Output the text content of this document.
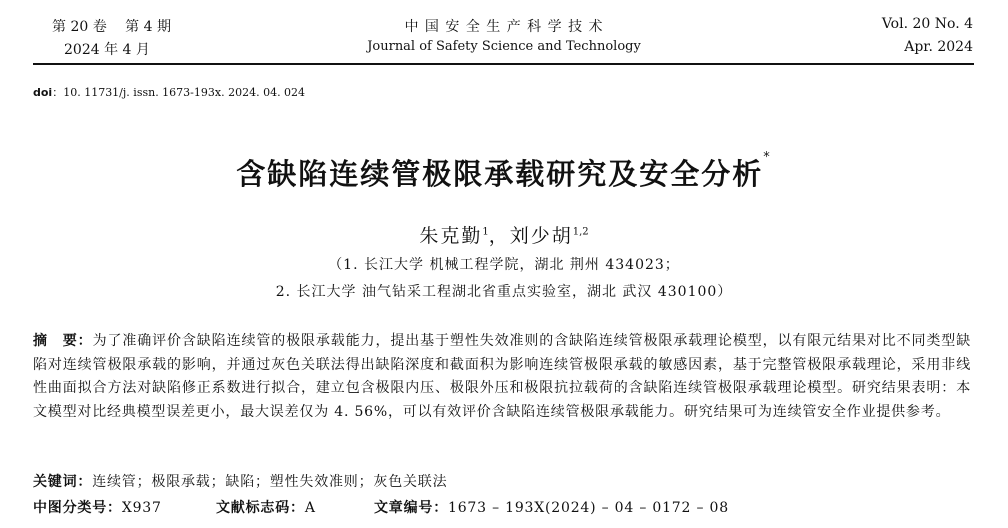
第 20 卷　 第 4 期
2024 年 4 月
中 国 安 全 生 产 科 学 技 术
Journal of Safety Science and Technology
Vol. 20 No. 4
Apr. 2024
doi：10. 11731/j. issn. 1673-193x. 2024. 04. 024
含缺陷连续管极限承载研究及安全分析*
朱克勤$^1$，刘少胡$^{1,2}$
（1. 长江大学 机械工程学院，湖北 荆州 434023；
2. 长江大学 油气钻采工程湖北省重点实验室，湖北 武汉 430100）
摘　要：为了准确评价含缺陷连续管的极限承载能力，提出基于塑性失效准则的含缺陷连续管极限承载理论模型，以有限元结果对比不同类型缺陷对连续管极限承载的影响，并通过灰色关联法得出缺陷深度和截面积为影响连续管极限承载的敏感因素，基于完整管极限承载理论，采用非线性曲面拟合方法对缺陷修正系数进行拟合，建立包含极限内压、极限外压和极限抗拉载荷的含缺陷连续管极限承载理论模型。研究结果表明：本文模型对比经典模型误差更小，最大误差仅为 4. 56%，可以有效评价含缺陷连续管极限承载能力。研究结果可为连续管安全作业提供参考。
关键词：连续管；极限承载；缺陷；塑性失效准则；灰色关联法
中图分类号：X937	文献标志码：A	文章编号：1673 – 193X(2024) – 04 – 0172 – 08
